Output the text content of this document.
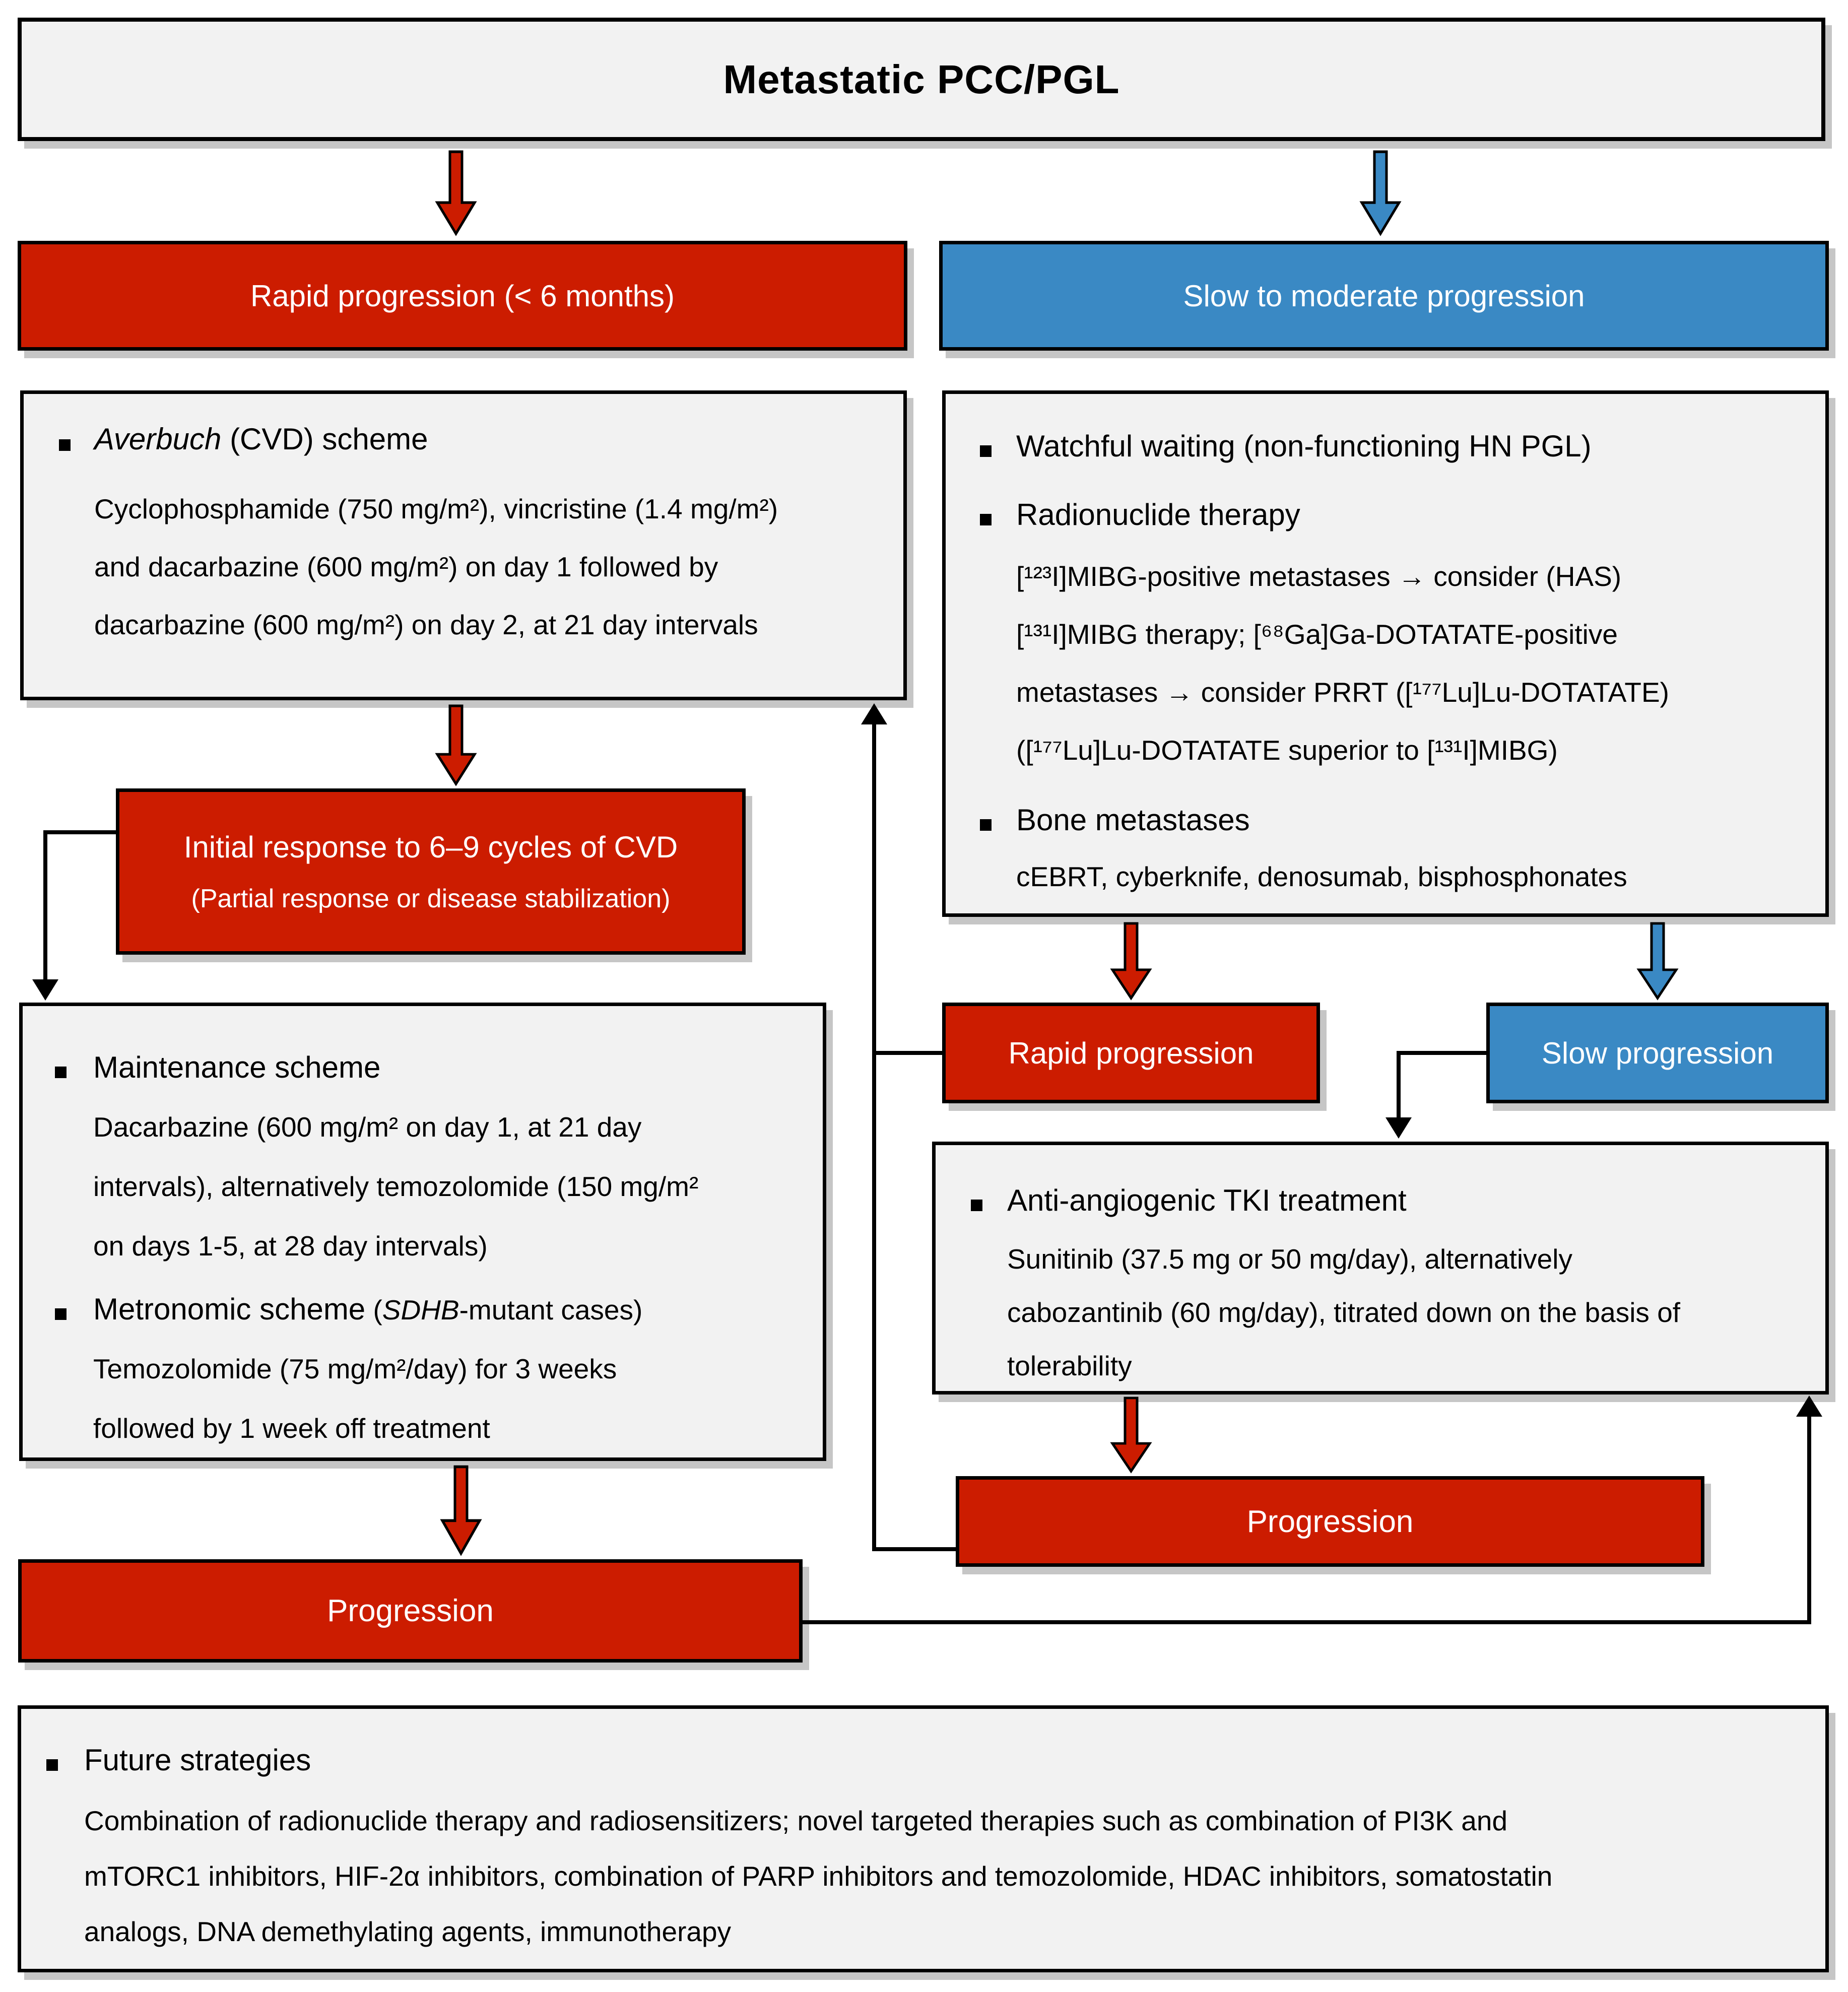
Metastatic PCC/PGL
Rapid progression (< 6 months)	Slow to moderate progression
Averbuch (CVD) scheme
Cyclophosphamide (750 mg/m²), vincristine (1.4 mg/m²)
and dacarbazine (600 mg/m²) on day 1 followed by
dacarbazine (600 mg/m²) on day 2, at 21 day intervals
Watchful waiting (non-functioning HN PGL)
Radionuclide therapy
[¹²³I]MIBG-positive metastases → consider (HAS)
[¹³¹I]MIBG therapy; [⁶⁸Ga]Ga-DOTATATE-positive
metastases → consider PRRT ([¹⁷⁷Lu]Lu-DOTATATE)
([¹⁷⁷Lu]Lu-DOTATATE superior to [¹³¹I]MIBG)
Bone metastases
cEBRT, cyberknife, denosumab, bisphosphonates
Initial response to 6–9 cycles of CVD
(Partial response or disease stabilization)
Maintenance scheme
Dacarbazine (600 mg/m² on day 1, at 21 day
intervals), alternatively temozolomide (150 mg/m²
on days 1-5, at 28 day intervals)
Metronomic scheme (SDHB-mutant cases)
Temozolomide (75 mg/m²/day) for 3 weeks
followed by 1 week off treatment
Rapid progression	Slow progression
Anti-angiogenic TKI treatment
Sunitinib (37.5 mg or 50 mg/day), alternatively
cabozantinib (60 mg/day), titrated down on the basis of
tolerability
Progression
Progression
Future strategies
Combination of radionuclide therapy and radiosensitizers; novel targeted therapies such as combination of PI3K and
mTORC1 inhibitors, HIF-2α inhibitors, combination of PARP inhibitors and temozolomide, HDAC inhibitors, somatostatin
analogs, DNA demethylating agents, immunotherapy
